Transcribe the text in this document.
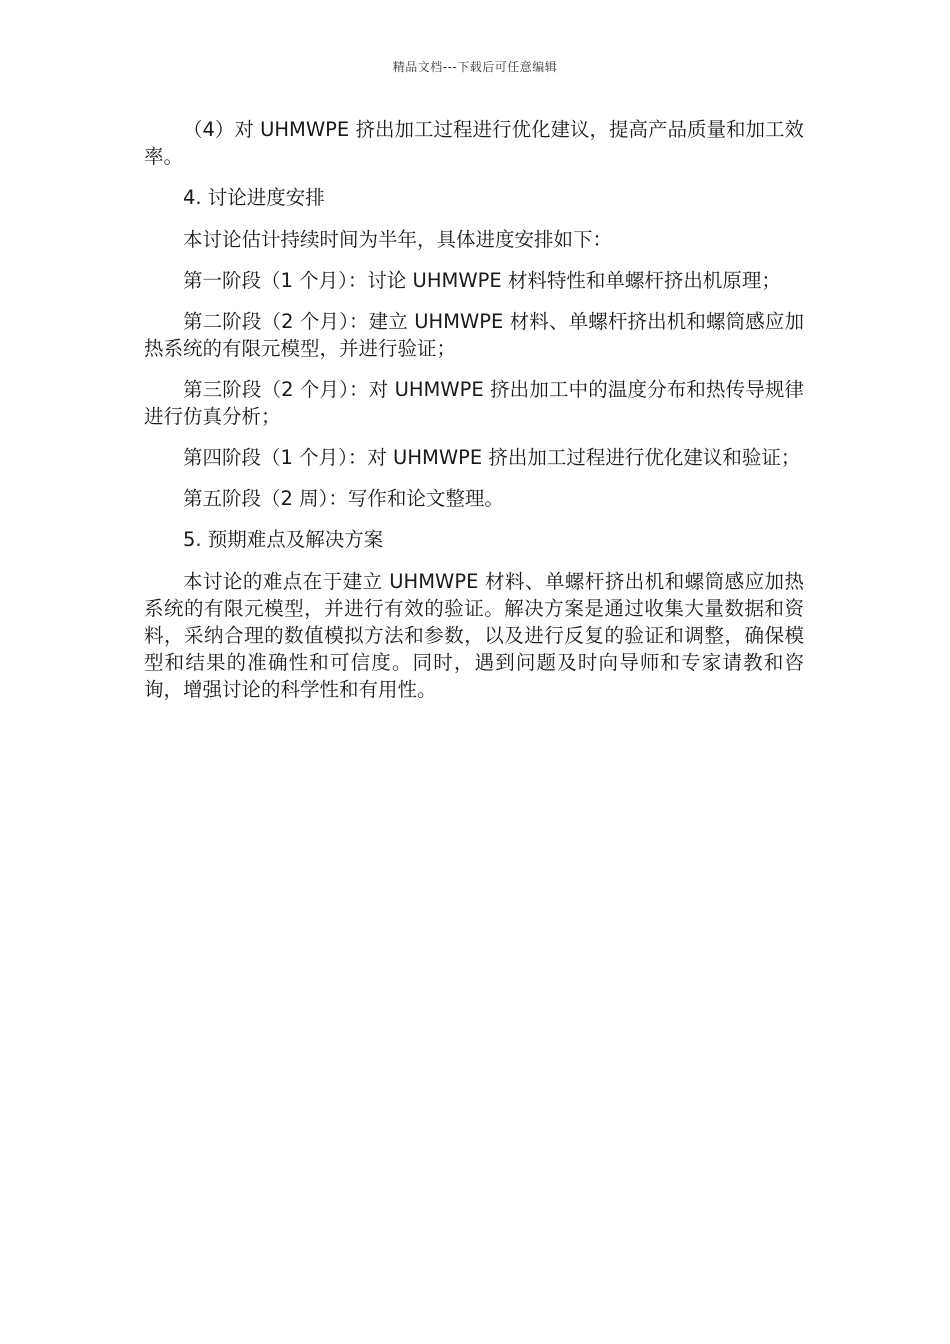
精品文档---下载后可任意编辑

（4）对 UHMWPE 挤出加工过程进行优化建议，提高产品质量和加工效率。

4. 讨论进度安排

本讨论估计持续时间为半年，具体进度安排如下：

第一阶段（1 个月）：讨论 UHMWPE 材料特性和单螺杆挤出机原理；

第二阶段（2 个月）：建立 UHMWPE 材料、单螺杆挤出机和螺筒感应加热系统的有限元模型，并进行验证；

第三阶段（2 个月）：对 UHMWPE 挤出加工中的温度分布和热传导规律进行仿真分析；

第四阶段（1 个月）：对 UHMWPE 挤出加工过程进行优化建议和验证；

第五阶段（2 周）：写作和论文整理。

5. 预期难点及解决方案

本讨论的难点在于建立 UHMWPE 材料、单螺杆挤出机和螺筒感应加热系统的有限元模型，并进行有效的验证。解决方案是通过收集大量数据和资料，采纳合理的数值模拟方法和参数，以及进行反复的验证和调整，确保模型和结果的准确性和可信度。同时，遇到问题及时向导师和专家请教和咨询，增强讨论的科学性和有用性。
